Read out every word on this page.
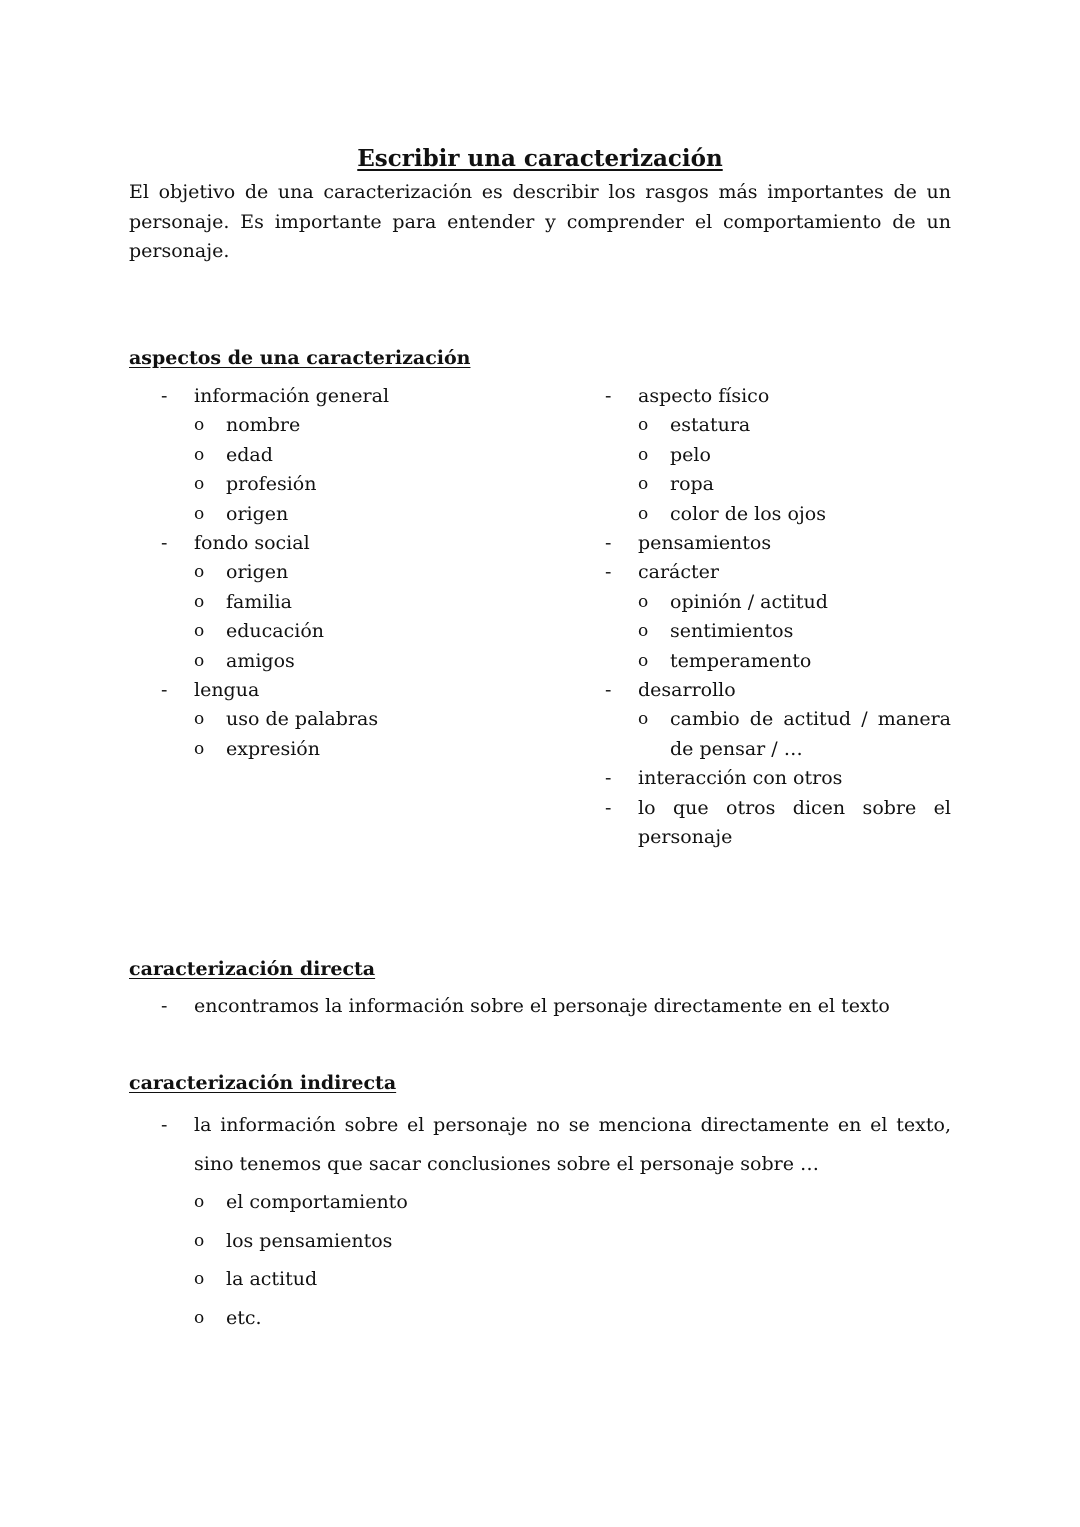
Escribir una caracterización

El objetivo de una caracterización es describir los rasgos más importantes de un personaje. Es importante para entender y comprender el comportamiento de un personaje.

aspectos de una caracterización
-	información general
o	nombre
o	edad
o	profesión
o	origen
-	fondo social
o	origen
o	familia
o	educación
o	amigos
-	lengua
o	uso de palabras
o	expresión
-	aspecto físico
o	estatura
o	pelo
o	ropa
o	color de los ojos
-	pensamientos
-	carácter
o	opinión / actitud
o	sentimientos
o	temperamento
-	desarrollo
o	cambio de actitud / manera de pensar / …
-	interacción con otros
-	lo que otros dicen sobre el personaje
caracterización directa
-	encontramos la información sobre el personaje directamente en el texto
caracterización indirecta
-	la información sobre el personaje no se menciona directamente en el texto, sino tenemos que sacar conclusiones sobre el personaje sobre …
o	el comportamiento
o	los pensamientos
o	la actitud
o	etc.
